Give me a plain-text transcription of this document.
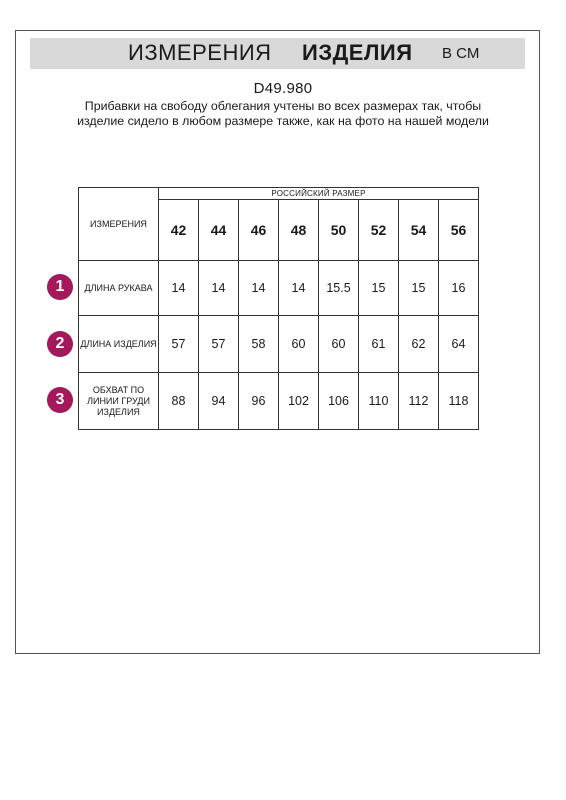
ИЗМЕРЕНИЯ ИЗДЕЛИЯ В СМ
D49.980
Прибавки на свободу облегания учтены во всех размерах так, чтобы изделие сидело в любом размере также, как на фото на нашей модели
ИЗМЕРЕНИЯ	РОССИЙСКИЙ РАЗМЕР							
	42	44	46	48	50	52	54	56
ДЛИНА РУКАВА	14	14	14	14	15.5	15	15	16
ДЛИНА ИЗДЕЛИЯ	57	57	58	60	60	61	62	64
ОБХВАТ ПО ЛИНИИ ГРУДИ ИЗДЕЛИЯ	88	94	96	102	106	110	112	118
1
2
3
